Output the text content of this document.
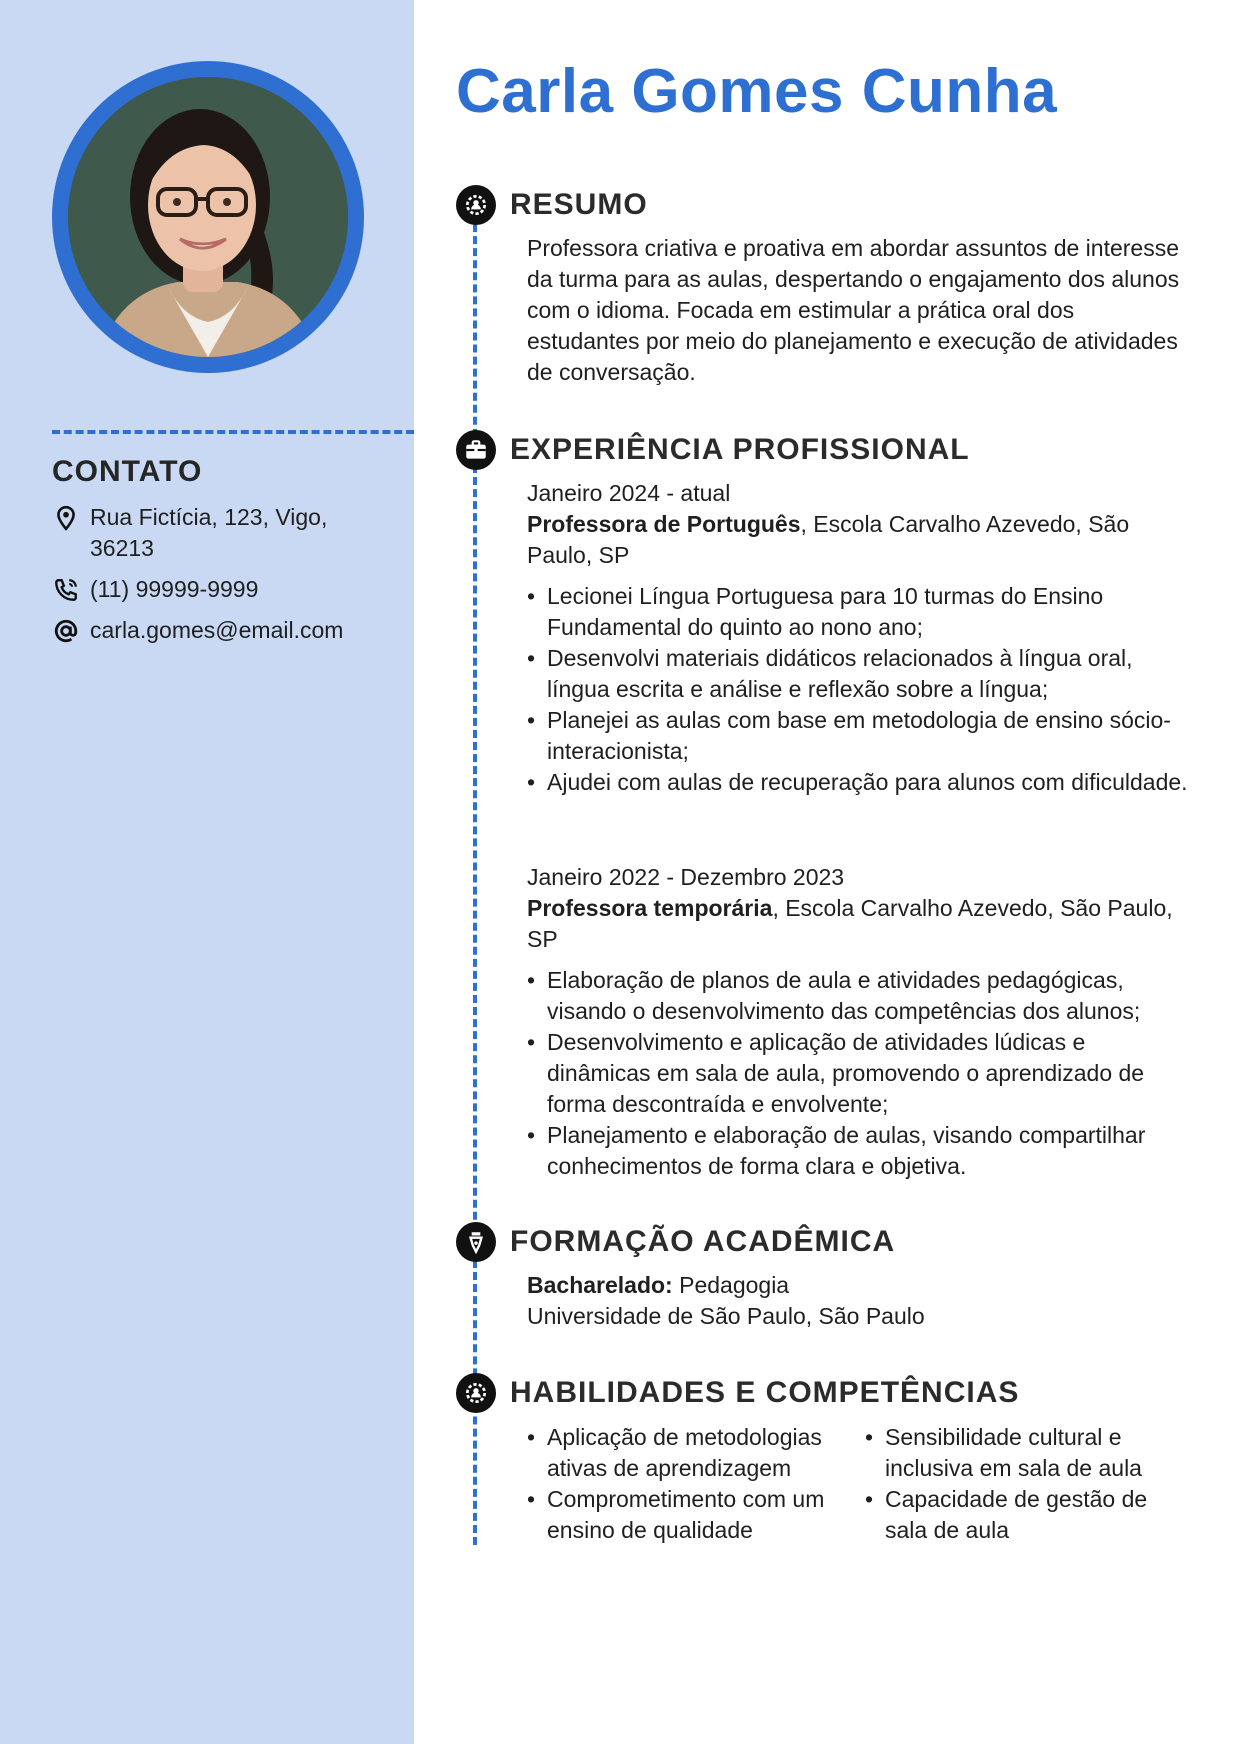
CONTATO
Rua Fictícia, 123, Vigo, 36213
(11) 99999-9999
carla.gomes@email.com
Carla Gomes Cunha
RESUMO

Professora criativa e proativa em abordar assuntos de interesse da turma para as aulas, despertando o engajamento dos alunos com o idioma. Focada em estimular a prática oral dos estudantes por meio do planejamento e execução de atividades de conversação.

EXPERIÊNCIA PROFISSIONAL

Janeiro 2024 - atual

Professora de Português, Escola Carvalho Azevedo, São Paulo, SP

• Lecionei Língua Portuguesa para 10 turmas do Ensino Fundamental do quinto ao nono ano;
• Desenvolvi materiais didáticos relacionados à língua oral, língua escrita e análise e reflexão sobre a língua;
• Planejei as aulas com base em metodologia de ensino sócio-interacionista;
• Ajudei com aulas de recuperação para alunos com dificuldade.

Janeiro 2022 - Dezembro 2023

Professora temporária, Escola Carvalho Azevedo, São Paulo, SP

• Elaboração de planos de aula e atividades pedagógicas, visando o desenvolvimento das competências dos alunos;
• Desenvolvimento e aplicação de atividades lúdicas e dinâmicas em sala de aula, promovendo o aprendizado de forma descontraída e envolvente;
• Planejamento e elaboração de aulas, visando compartilhar conhecimentos de forma clara e objetiva.
FORMAÇÃO ACADÊMICA

Bacharelado: Pedagogia

Universidade de São Paulo, São Paulo

HABILIDADES E COMPETÊNCIAS
• Aplicação de metodologias ativas de aprendizagem
• Comprometimento com um ensino de qualidade
• Sensibilidade cultural e inclusiva em sala de aula
• Capacidade de gestão de sala de aula
